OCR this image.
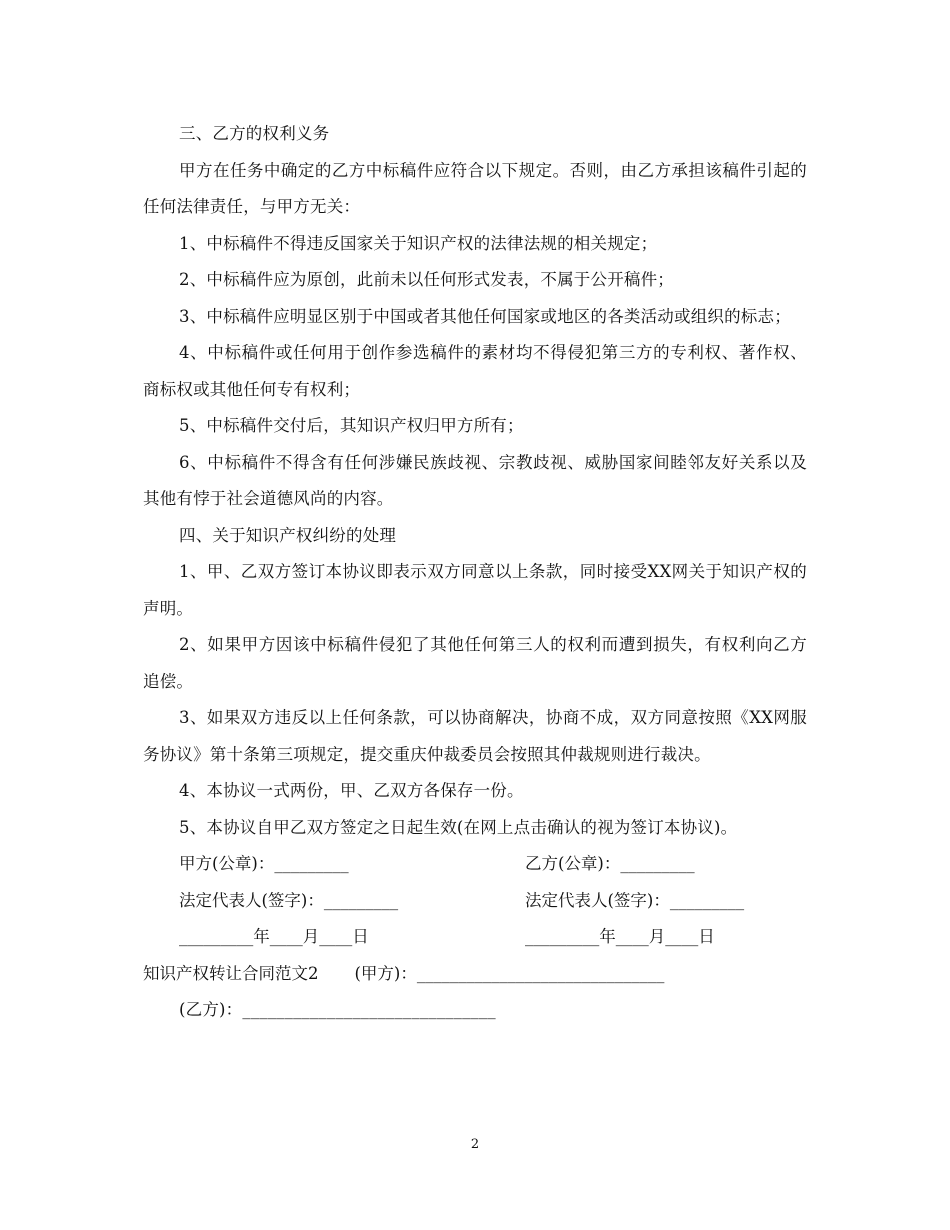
三、乙方的权利义务

甲方在任务中确定的乙方中标稿件应符合以下规定。否则，由乙方承担该稿件引起的任何法律责任，与甲方无关：

1、中标稿件不得违反国家关于知识产权的法律法规的相关规定；

2、中标稿件应为原创，此前未以任何形式发表，不属于公开稿件；

3、中标稿件应明显区别于中国或者其他任何国家或地区的各类活动或组织的标志；

4、中标稿件或任何用于创作参选稿件的素材均不得侵犯第三方的专利权、著作权、商标权或其他任何专有权利；

5、中标稿件交付后，其知识产权归甲方所有；

6、中标稿件不得含有任何涉嫌民族歧视、宗教歧视、威胁国家间睦邻友好关系以及其他有悖于社会道德风尚的内容。

四、关于知识产权纠纷的处理

1、甲、乙双方签订本协议即表示双方同意以上条款，同时接受XX网关于知识产权的声明。

2、如果甲方因该中标稿件侵犯了其他任何第三人的权利而遭到损失，有权利向乙方追偿。

3、如果双方违反以上任何条款，可以协商解决，协商不成，双方同意按照《XX网服务协议》第十条第三项规定，提交重庆仲裁委员会按照其仲裁规则进行裁决。

4、本协议一式两份，甲、乙双方各保存一份。

5、本协议自甲乙双方签定之日起生效(在网上点击确认的视为签订本协议)。

甲方(公章)：_________	乙方(公章)：_________
法定代表人(签字)：_________	法定代表人(签字)：_________
_________年____月____日	_________年____月____日
知识产权转让合同范文2 (甲方)：______________________________

(乙方)：______________________________

2
